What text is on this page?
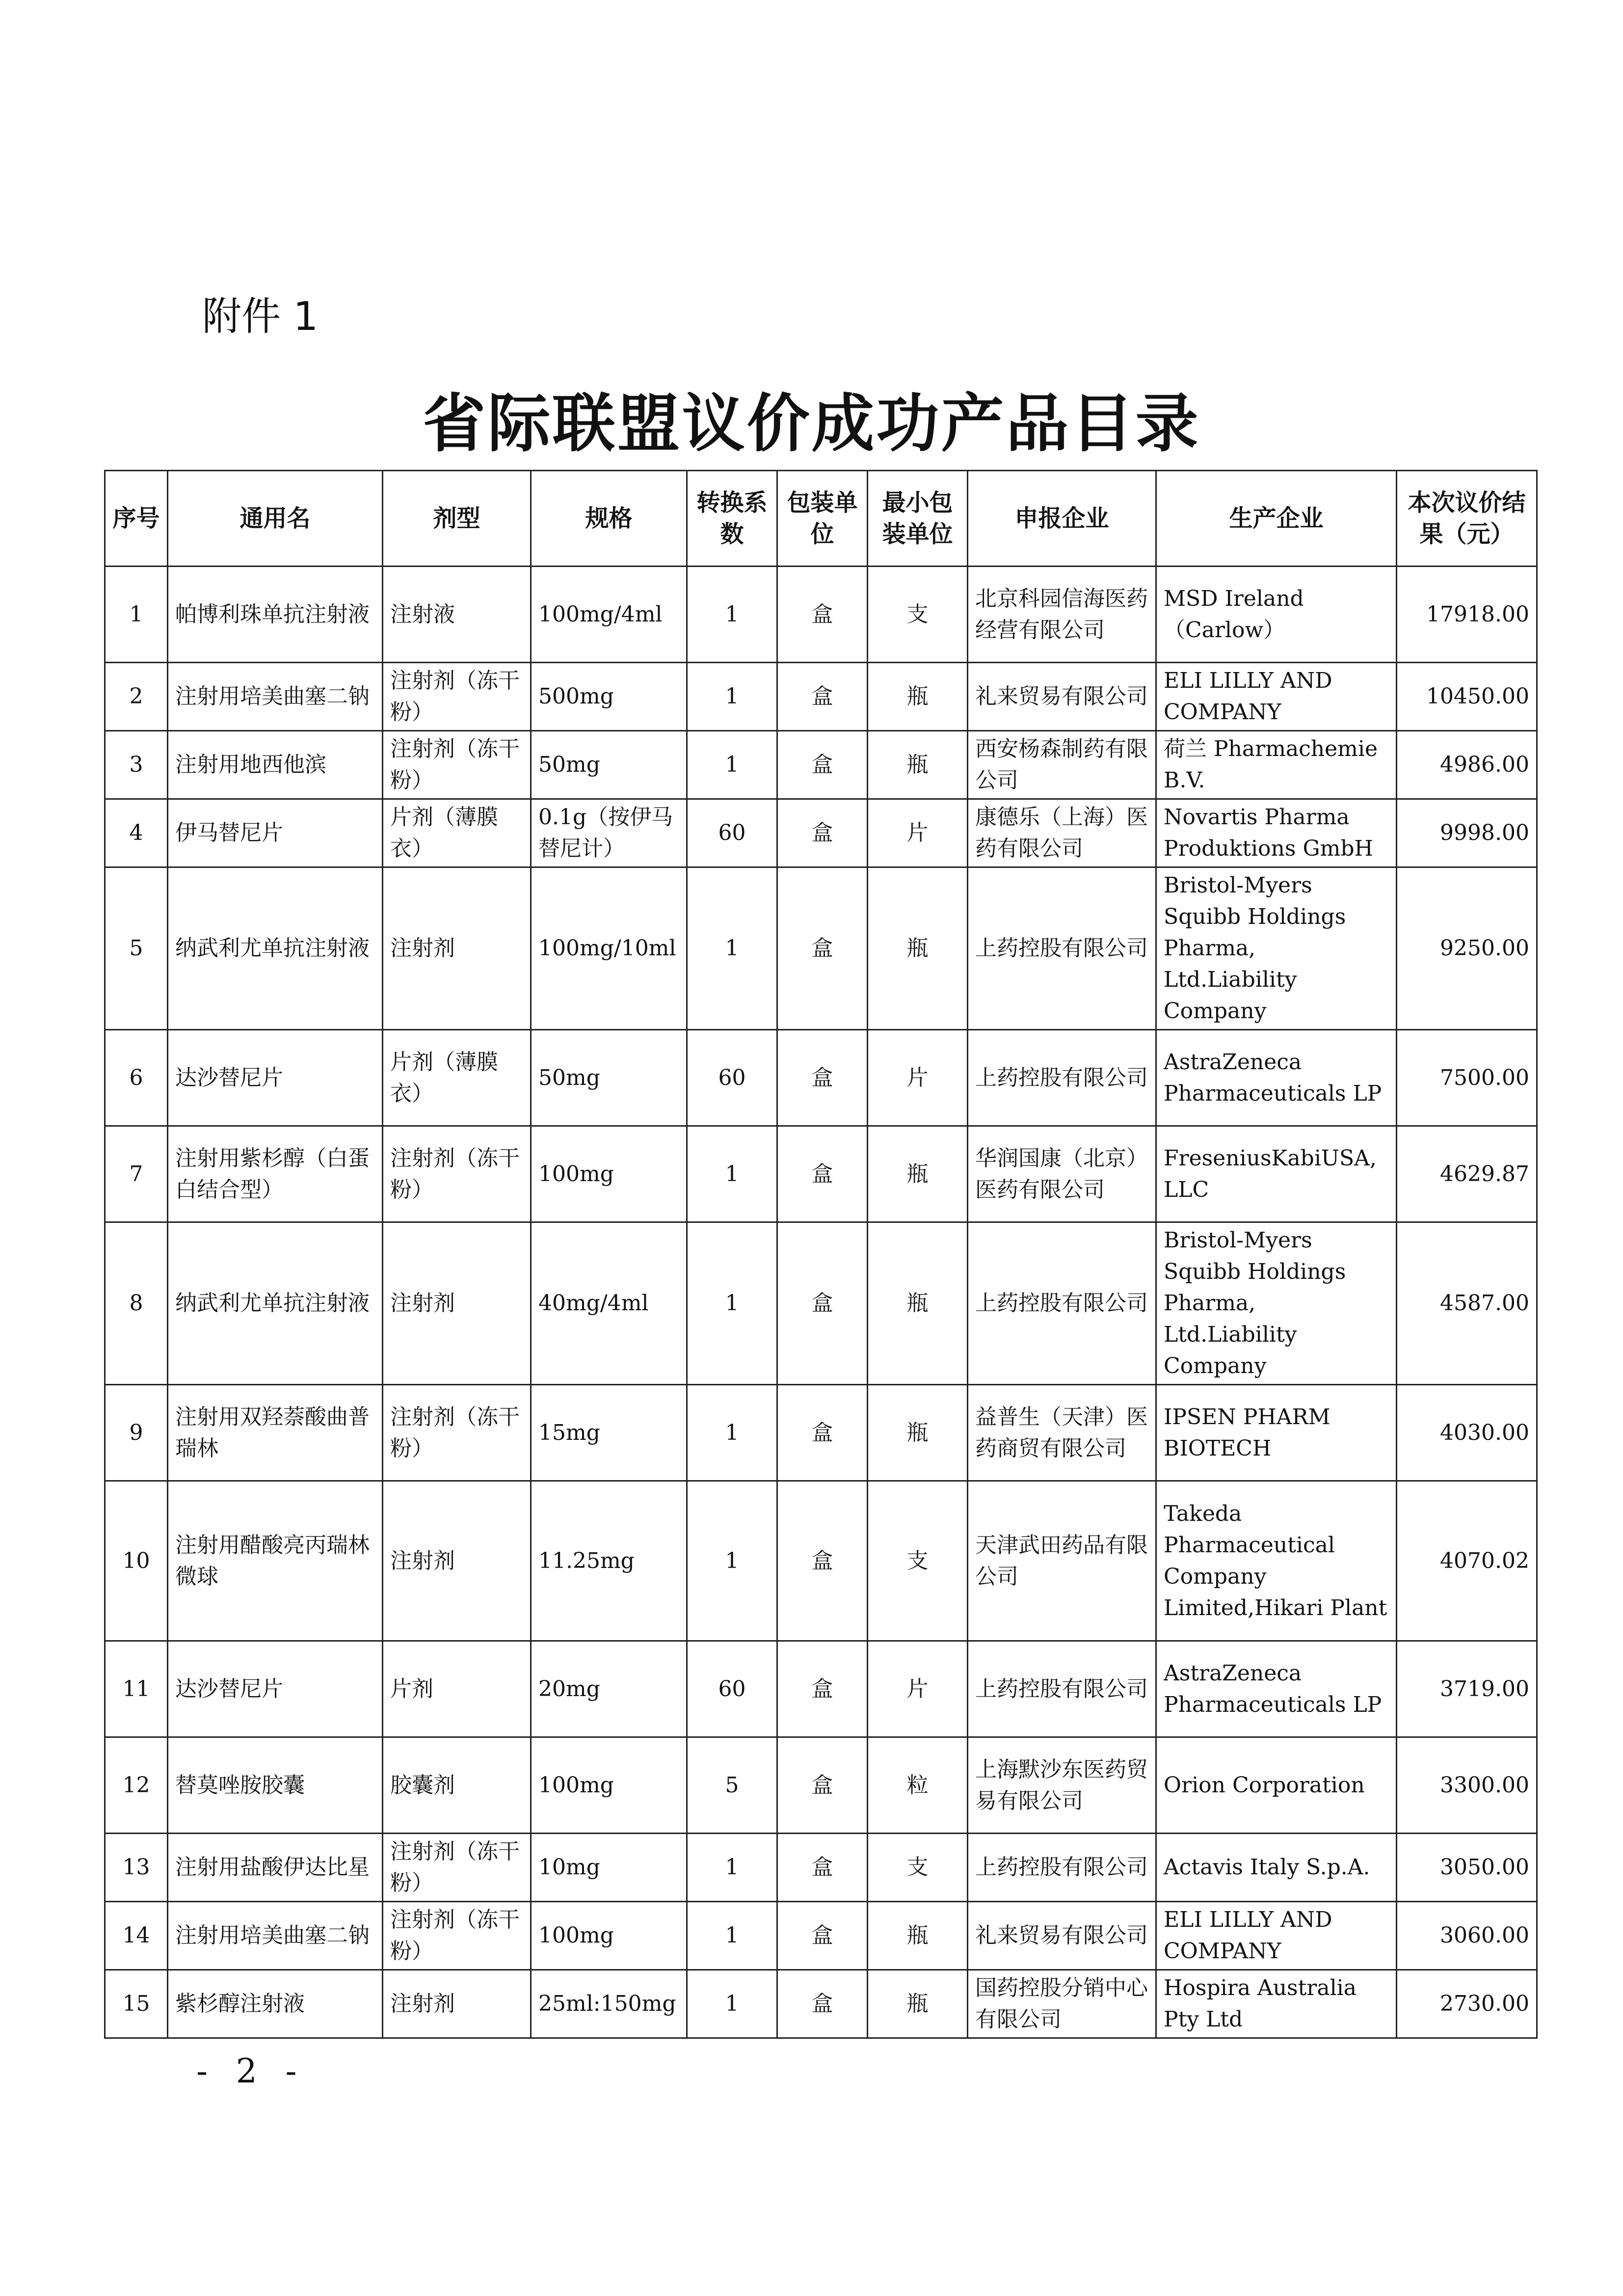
附件 1
省际联盟议价成功产品目录
序号	通用名	剂型	规格	转换系数	包装单位	最小包装单位	申报企业	生产企业	本次议价结果（元）
1	帕博利珠单抗注射液	注射液	100mg/4ml	1	盒	支	北京科园信海医药经营有限公司	MSD Ireland（Carlow）	17918.00
2	注射用培美曲塞二钠	注射剂（冻干粉）	500mg	1	盒	瓶	礼来贸易有限公司	ELI LILLY AND COMPANY	10450.00
3	注射用地西他滨	注射剂（冻干粉）	50mg	1	盒	瓶	西安杨森制药有限公司	荷兰 Pharmachemie B.V.	4986.00
4	伊马替尼片	片剂（薄膜衣）	0.1g（按伊马替尼计）	60	盒	片	康德乐（上海）医药有限公司	Novartis Pharma Produktions GmbH	9998.00
5	纳武利尤单抗注射液	注射剂	100mg/10ml	1	盒	瓶	上药控股有限公司	Bristol-Myers Squibb Holdings Pharma, Ltd.Liability Company	9250.00
6	达沙替尼片	片剂（薄膜衣）	50mg	60	盒	片	上药控股有限公司	AstraZeneca Pharmaceuticals LP	7500.00
7	注射用紫杉醇（白蛋白结合型）	注射剂（冻干粉）	100mg	1	盒	瓶	华润国康（北京）医药有限公司	FreseniusKabiUSA, LLC	4629.87
8	纳武利尤单抗注射液	注射剂	40mg/4ml	1	盒	瓶	上药控股有限公司	Bristol-Myers Squibb Holdings Pharma, Ltd.Liability Company	4587.00
9	注射用双羟萘酸曲普瑞林	注射剂（冻干粉）	15mg	1	盒	瓶	益普生（天津）医药商贸有限公司	IPSEN PHARM BIOTECH	4030.00
10	注射用醋酸亮丙瑞林微球	注射剂	11.25mg	1	盒	支	天津武田药品有限公司	Takeda Pharmaceutical Company Limited,Hikari Plant	4070.02
11	达沙替尼片	片剂	20mg	60	盒	片	上药控股有限公司	AstraZeneca Pharmaceuticals LP	3719.00
12	替莫唑胺胶囊	胶囊剂	100mg	5	盒	粒	上海默沙东医药贸易有限公司	Orion Corporation	3300.00
13	注射用盐酸伊达比星	注射剂（冻干粉）	10mg	1	盒	支	上药控股有限公司	Actavis Italy S.p.A.	3050.00
14	注射用培美曲塞二钠	注射剂（冻干粉）	100mg	1	盒	瓶	礼来贸易有限公司	ELI LILLY AND COMPANY	3060.00
15	紫杉醇注射液	注射剂	25ml:150mg	1	盒	瓶	国药控股分销中心有限公司	Hospira Australia Pty Ltd	2730.00
- 2 -
